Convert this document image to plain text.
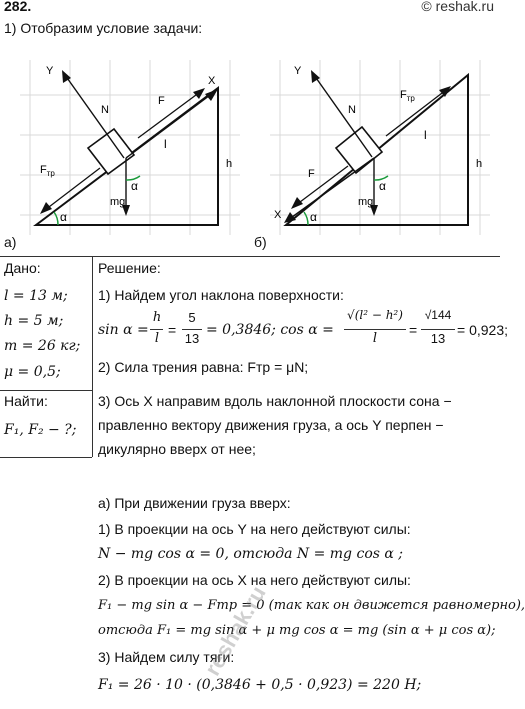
282.	© reshak.ru
1) Отобразим условие задачи:
α
α
Y
X
N
F
l
h
mg
$F_{тр}$
а)
α
α
Y
X
N
$F_{тр}$
F
l
h
mg
б)
Дано:
l = 13 м;
h = 5 м;
m = 26 кг;
μ = 0,5;
Найти:
F₁, F₂ − ?;
Решение:
1) Найдем угол наклона поверхности:
sin α =
h
l
=
5
13
= 0,3846; cos α =
√(l² − h²)
l
=
√144
13
= 0,923;
2) Сила трения равна: Fтр = μN;
3) Ось X направим вдоль наклонной плоскости сона −
правленно вектору движения груза, а ось Y перпен −
дикулярно вверх от нее;
а) При движении груза вверх:
1) В проекции на ось Y на него действуют силы:
N − mg cos α = 0, отсюда N = mg cos α ;
2) В проекции на ось X на него действуют силы:
F₁ − mg sin α − Fтр = 0 (так как он движется равномерно),
отсюда F₁ = mg sin α + μ mg cos α = mg (sin α + μ cos α);
3) Найдем силу тяги:
F₁ = 26 · 10 · (0,3846 + 0,5 · 0,923) = 220 Н;
reshak.ru
